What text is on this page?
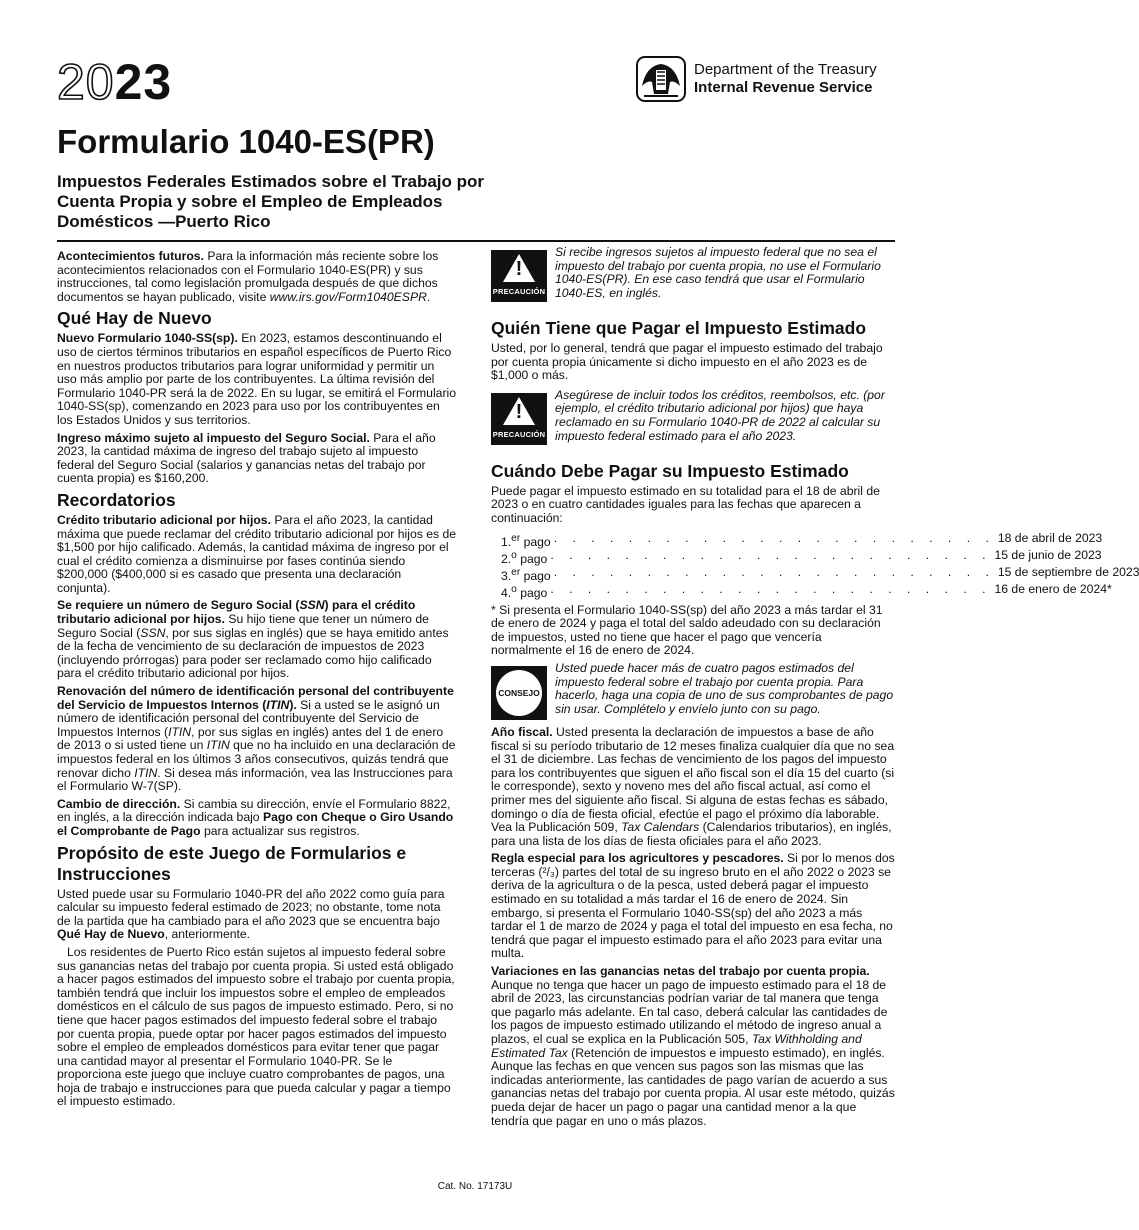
2023	Department of the Treasury
Internal Revenue Service
Formulario 1040-ES(PR)
Impuestos Federales Estimados sobre el Trabajo por Cuenta Propia y sobre el Empleo de Empleados Domésticos —Puerto Rico

Acontecimientos futuros. Para la información más reciente sobre los acontecimientos relacionados con el Formulario 1040-ES(PR) y sus instrucciones, tal como legislación promulgada después de que dichos documentos se hayan publicado, visite www.irs.gov/Form1040ESPR.

Qué Hay de Nuevo

Nuevo Formulario 1040-SS(sp). En 2023, estamos descontinuando el uso de ciertos términos tributarios en español específicos de Puerto Rico en nuestros productos tributarios para lograr uniformidad y permitir un uso más amplio por parte de los contribuyentes. La última revisión del Formulario 1040-PR será la de 2022. En su lugar, se emitirá el Formulario 1040-SS(sp), comenzando en 2023 para uso por los contribuyentes en los Estados Unidos y sus territorios.

Ingreso máximo sujeto al impuesto del Seguro Social. Para el año 2023, la cantidad máxima de ingreso del trabajo sujeto al impuesto federal del Seguro Social (salarios y ganancias netas del trabajo por cuenta propia) es $160,200.

Recordatorios

Crédito tributario adicional por hijos. Para el año 2023, la cantidad máxima que puede reclamar del crédito tributario adicional por hijos es de $1,500 por hijo calificado. Además, la cantidad máxima de ingreso por el cual el crédito comienza a disminuirse por fases continúa siendo $200,000 ($400,000 si es casado que presenta una declaración conjunta).

Se requiere un número de Seguro Social (SSN) para el crédito tributario adicional por hijos. Su hijo tiene que tener un número de Seguro Social (SSN, por sus siglas en inglés) que se haya emitido antes de la fecha de vencimiento de su declaración de impuestos de 2023 (incluyendo prórrogas) para poder ser reclamado como hijo calificado para el crédito tributario adicional por hijos.

Renovación del número de identificación personal del contribuyente del Servicio de Impuestos Internos (ITIN). Si a usted se le asignó un número de identificación personal del contribuyente del Servicio de Impuestos Internos (ITIN, por sus siglas en inglés) antes del 1 de enero de 2013 o si usted tiene un ITIN que no ha incluido en una declaración de impuestos federal en los últimos 3 años consecutivos, quizás tendrá que renovar dicho ITIN. Si desea más información, vea las Instrucciones para el Formulario W-7(SP).

Cambio de dirección. Si cambia su dirección, envíe el Formulario 8822, en inglés, a la dirección indicada bajo Pago con Cheque o Giro Usando el Comprobante de Pago para actualizar sus registros.

Propósito de este Juego de Formularios e Instrucciones

Usted puede usar su Formulario 1040-PR del año 2022 como guía para calcular su impuesto federal estimado de 2023; no obstante, tome nota de la partida que ha cambiado para el año 2023 que se encuentra bajo Qué Hay de Nuevo, anteriormente.

Los residentes de Puerto Rico están sujetos al impuesto federal sobre sus ganancias netas del trabajo por cuenta propia. Si usted está obligado a hacer pagos estimados del impuesto sobre el trabajo por cuenta propia, también tendrá que incluir los impuestos sobre el empleo de empleados domésticos en el cálculo de sus pagos de impuesto estimado. Pero, si no tiene que hacer pagos estimados del impuesto federal sobre el trabajo por cuenta propia, puede optar por hacer pagos estimados del impuesto sobre el empleo de empleados domésticos para evitar tener que pagar una cantidad mayor al presentar el Formulario 1040-PR. Se le proporciona este juego que incluye cuatro comprobantes de pagos, una hoja de trabajo e instrucciones para que pueda calcular y pagar a tiempo el impuesto estimado.

!
PRECAUCIÓN
Si recibe ingresos sujetos al impuesto federal que no sea el impuesto del trabajo por cuenta propia, no use el Formulario 1040-ES(PR). En ese caso tendrá que usar el Formulario 1040-ES, en inglés.
Quién Tiene que Pagar el Impuesto Estimado

Usted, por lo general, tendrá que pagar el impuesto estimado del trabajo por cuenta propia únicamente si dicho impuesto en el año 2023 es de $1,000 o más.

!
PRECAUCIÓN
Asegúrese de incluir todos los créditos, reembolsos, etc. (por ejemplo, el crédito tributario adicional por hijos) que haya reclamado en su Formulario 1040-PR de 2022 al calcular su impuesto federal estimado para el año 2023.
Cuándo Debe Pagar su Impuesto Estimado

Puede pagar el impuesto estimado en su totalidad para el 18 de abril de 2023 o en cuatro cantidades iguales para las fechas que aparecen a continuación:

1.$^{er}$ pago . . . . . . . . . . . . . . . . . . . . . . . . 18 de abril de 2023
2.$^o$ pago . . . . . . . . . . . . . . . . . . . . . . . . 15 de junio de 2023
3.$^{er}$ pago . . . . . . . . . . . . . . . . . . . . . . . . 15 de septiembre de 2023
4.$^o$ pago . . . . . . . . . . . . . . . . . . . . . . . . 16 de enero de 2024*

* Si presenta el Formulario 1040-SS(sp) del año 2023 a más tardar el 31 de enero de 2024 y paga el total del saldo adeudado con su declaración de impuestos, usted no tiene que hacer el pago que vencería normalmente el 16 de enero de 2024.

CONSEJO
Usted puede hacer más de cuatro pagos estimados del impuesto federal sobre el trabajo por cuenta propia. Para hacerlo, haga una copia de uno de sus comprobantes de pago sin usar. Complételo y envíelo junto con su pago.

Año fiscal. Usted presenta la declaración de impuestos a base de año fiscal si su período tributario de 12 meses finaliza cualquier día que no sea el 31 de diciembre. Las fechas de vencimiento de los pagos del impuesto para los contribuyentes que siguen el año fiscal son el día 15 del cuarto (si le corresponde), sexto y noveno mes del año fiscal actual, así como el primer mes del siguiente año fiscal. Si alguna de estas fechas es sábado, domingo o día de fiesta oficial, efectúe el pago el próximo día laborable. Vea la Publicación 509, Tax Calendars (Calendarios tributarios), en inglés, para una lista de los días de fiesta oficiales para el año 2023.

Regla especial para los agricultores y pescadores. Si por lo menos dos terceras (²/₃) partes del total de su ingreso bruto en el año 2022 o 2023 se deriva de la agricultura o de la pesca, usted deberá pagar el impuesto estimado en su totalidad a más tardar el 16 de enero de 2024. Sin embargo, si presenta el Formulario 1040-SS(sp) del año 2023 a más tardar el 1 de marzo de 2024 y paga el total del impuesto en esa fecha, no tendrá que pagar el impuesto estimado para el año 2023 para evitar una multa.

Variaciones en las ganancias netas del trabajo por cuenta propia. Aunque no tenga que hacer un pago de impuesto estimado para el 18 de abril de 2023, las circunstancias podrían variar de tal manera que tenga que pagarlo más adelante. En tal caso, deberá calcular las cantidades de los pagos de impuesto estimado utilizando el método de ingreso anual a plazos, el cual se explica en la Publicación 505, Tax Withholding and Estimated Tax (Retención de impuestos e impuesto estimado), en inglés. Aunque las fechas en que vencen sus pagos son las mismas que las indicadas anteriormente, las cantidades de pago varían de acuerdo a sus ganancias netas del trabajo por cuenta propia. Al usar este método, quizás pueda dejar de hacer un pago o pagar una cantidad menor a la que tendría que pagar en uno o más plazos.

Cat. No. 17173U
